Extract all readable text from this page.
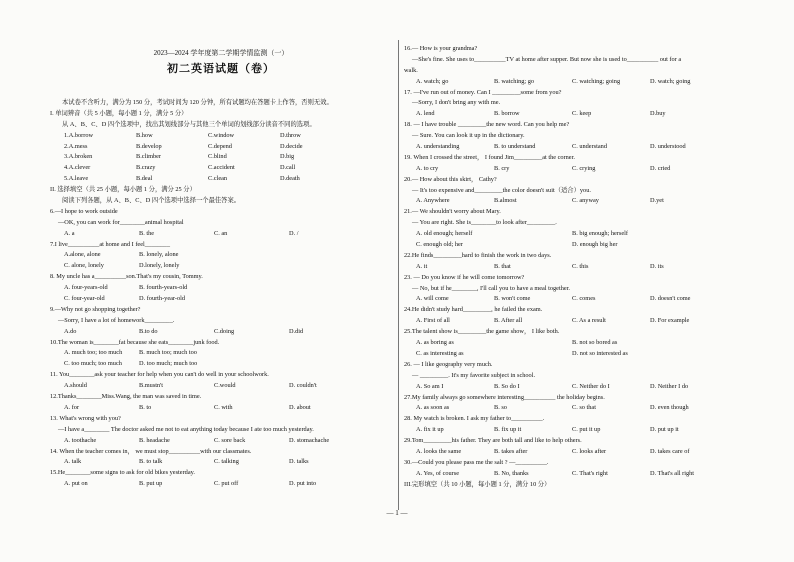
2023—2024 学年度第二学期学情监测（一）
初二英语试题（卷）
本试卷不含听力，满分为 150 分，考试时间为 120 分钟，所有试题均在答题卡上作答，否则无效。
I. 单词辨音（共 5 小题，每小题 1 分，满分 5 分）
从 A、B、C、D 四个选项中，找出其划线部分与其他三个单词的划线部分读音不同的选项。
1.A.borrow	B.how	C.window	D.throw
2.A.mess	B.develop	C.depend	D.decide
3.A.broken	B.climber	C.blind	D.big
4.A.clever	B.crazy	C.accident	D.call
5.A.leave	B.deal	C.clean	D.death
II. 选择填空（共 25 小题，每小题 1 分，满分 25 分）
阅读下列各题，从 A、B、C、D 四个选项中选择一个最佳答案。
6.—I hope to work outside
—OK, you can work for________animal hospital
A. a	B. the	C. an	D. /
7.I live__________at home and I feel________
A.alone, alone	B. lonely, alone
C. alone, lonely	D.lonely, lonely
8. My uncle has a__________son.That's my cousin, Tommy.
A. four-years-old	B. fourth-years-old
C. four-year-old	D. fourth-year-old
9.—Why not go shopping together?
—Sorry, I have a lot of homework_________.
A.do	B.to do	C.doing	D.did
10.The woman is________fat because she eats________junk food.
A. much too; too much	B. much too; much too
C. too much; too much	D. too much; much too
11. You________ask your teacher for help when you can't do well in your schoolwork.
A.should	B.mustn't	C.would	D. couldn't
12.Thanks________Miss.Wang, the man was saved in time.
A. for	B. to	C. with	D. about
13. What's wrong with you?
—I have a________ The doctor asked me not to eat anything today because I ate too much yesterday.
A. toothache	B. headache	C. sore back	D. stomachache
14. When the teacher comes in， we must stop__________with our classmates.
A. talk	B. to talk	C. talking	D. talks
15.He________some signs to ask for old bikes yesterday.
A. put on	B. put up	C. put off	D. put into
16.— How is your grandma?
—She's fine. She uses to__________TV at home after supper. But now she is used to__________ out for a
walk.
A. watch; go	B. watching; go	C. watching; going	D. watch; going
17. —I've run out of money. Can I _________some from you?
—Sorry, I don't bring any with me.
A. lend	B. borrow	C. keep	D.buy
18. — I have trouble _________the new word. Can you help me?
— Sure. You can look it up in the dictionary.
A. understanding	B. to understand	C. understand	D. understood
19. When I crossed the street， I found Jim_________at the corner.
A. to cry	B. cry	C. crying	D. cried
20.— How about this skirt， Cathy?
— It's too expensive and_________the color doesn't suit（适合）you.
A. Anywhere	B.almost	C. anyway	D.yet
21.— We shouldn't worry about Mary.
— You are right. She is________to look after_________.
A. old enough; herself	B. big enough; herself
C. enough old; her	D. enough big her
22.He finds_________hard to finish the work in two days.
A. it	B. that	C. this	D. its
23. — Do you know if he will come tomorrow?
— No, but if he________, I'll call you to have a meal together.
A. will come	B. won't come	C. comes	D. doesn't come
24.He didn't study hard_________, he failed the exam.
A. First of all	B. After all	C. As a result	D. For example
25.The talent show is_________the game show， I like both.
A. as boring as	B. not so bored as
C. as interesting as	D. not so interested as
26. — I like geography very much.
— _________. It's my favorite subject in school.
A. So am I	B. So do I	C. Neither do I	D. Neither I do
27.My family always go somewhere interesting__________ the holiday begins.
A. as soon as	B. so	C. so that	D. even though
28. My watch is broken. I ask my father to__________.
A. fix it up	B. fix up it	C. put it up	D. put up it
29.Tom_________his father. They are both tall and like to help others.
A. looks the same	B. takes after	C. looks after	D. takes care of
30.—Could you please pass me the salt ? —__________.
A. Yes, of course	B. No, thanks	C. That's right	D. That's all right
III.完形填空（共 10 小题，每小题 1 分，满分 10 分）
— 1 —
